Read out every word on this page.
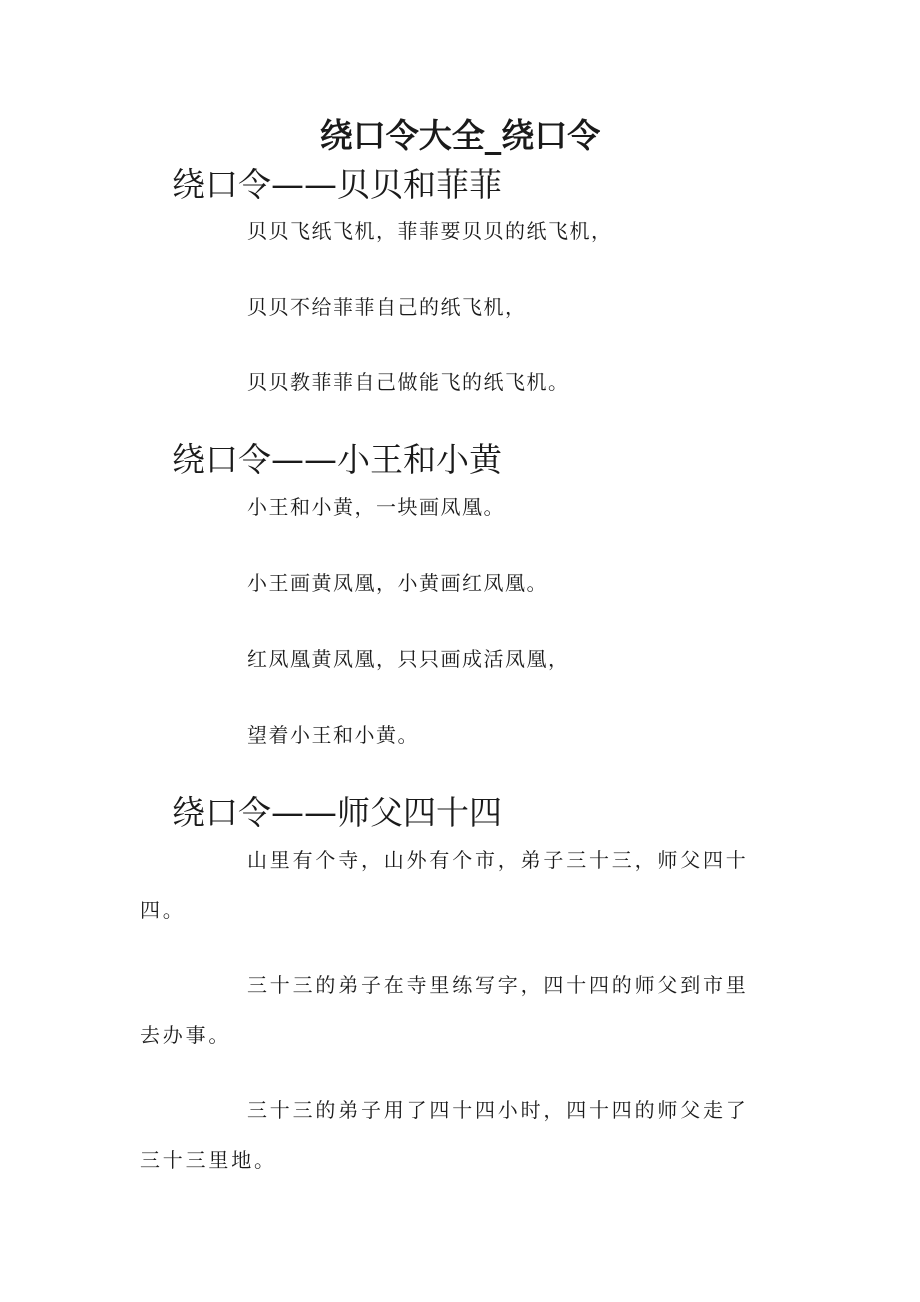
绕口令大全_绕口令
绕口令——贝贝和菲菲

贝贝飞纸飞机，菲菲要贝贝的纸飞机，

贝贝不给菲菲自己的纸飞机，

贝贝教菲菲自己做能飞的纸飞机。

绕口令——小王和小黄

小王和小黄，一块画凤凰。

小王画黄凤凰，小黄画红凤凰。

红凤凰黄凤凰，只只画成活凤凰，

望着小王和小黄。

绕口令——师父四十四

山里有个寺，山外有个市，弟子三十三，师父四十四。

三十三的弟子在寺里练写字，四十四的师父到市里去办事。

三十三的弟子用了四十四小时，四十四的师父走了三十三里地。
